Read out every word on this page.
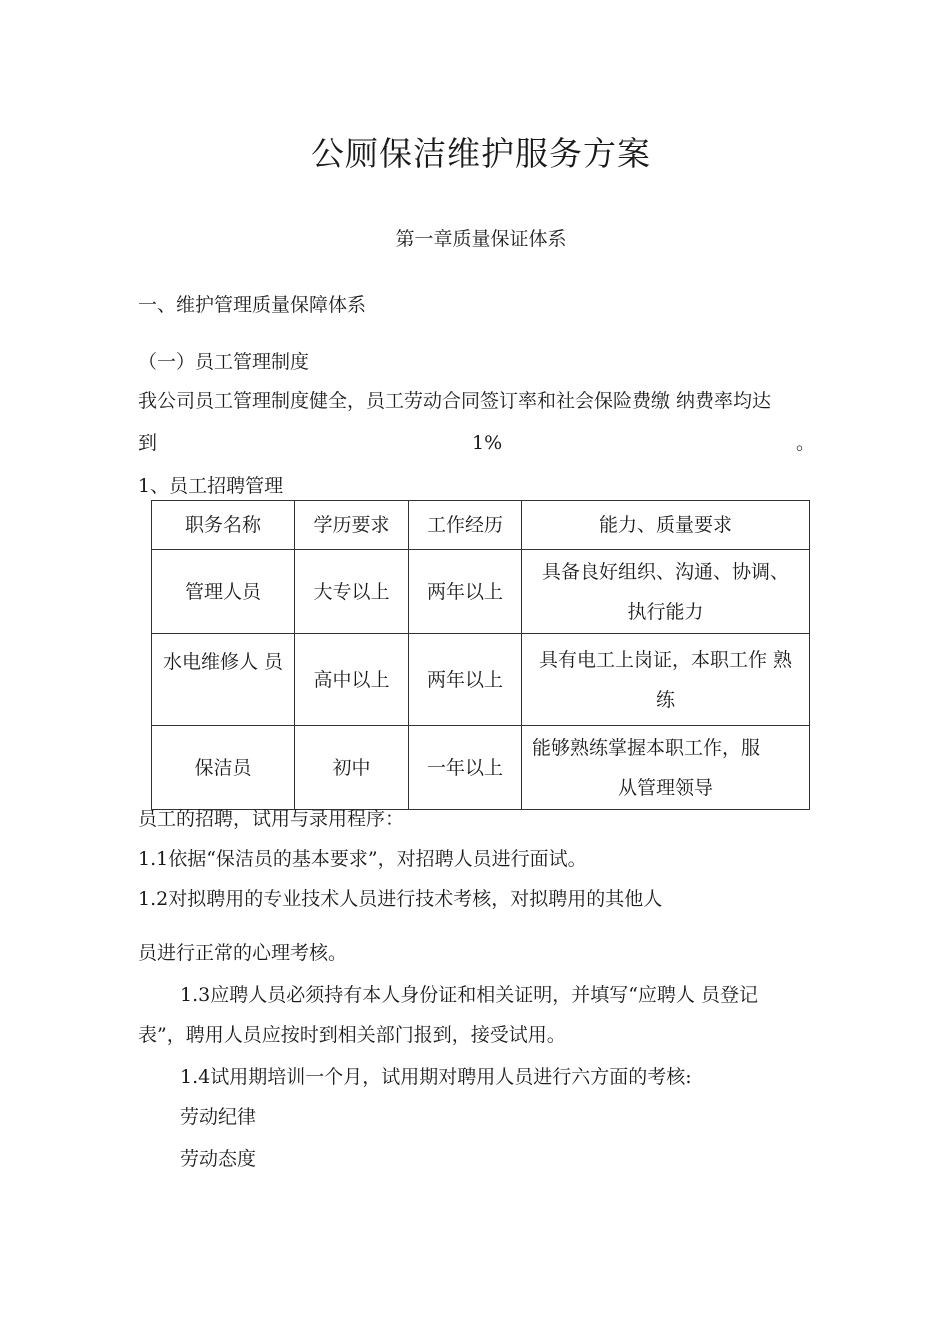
公厕保洁维护服务方案
第一章质量保证体系
一、维护管理质量保障体系
（一）员工管理制度
我公司员工管理制度健全，员工劳动合同签订率和社会保险费缴 纳费率均达
到	1%	。
1、员工招聘管理
职务名称	学历要求	工作经历	能力、质量要求
管理人员	大专以上	两年以上	具备良好组织、沟通、协调、
执行能力

水电维修人 员	高中以上	两年以上	具有电工上岗证，本职工作 熟
练

保洁员	初中	一年以上	能够熟练掌握本职工作，服
从管理领导
员工的招聘，试用与录用程序：
1.1依据“保洁员的基本要求”，对招聘人员进行面试。
1.2对拟聘用的专业技术人员进行技术考核，对拟聘用的其他人
员进行正常的心理考核。
1.3应聘人员必须持有本人身份证和相关证明，并填写“应聘人 员登记
表”，聘用人员应按时到相关部门报到，接受试用。
1.4试用期培训一个月，试用期对聘用人员进行六方面的考核:
劳动纪律
劳动态度
